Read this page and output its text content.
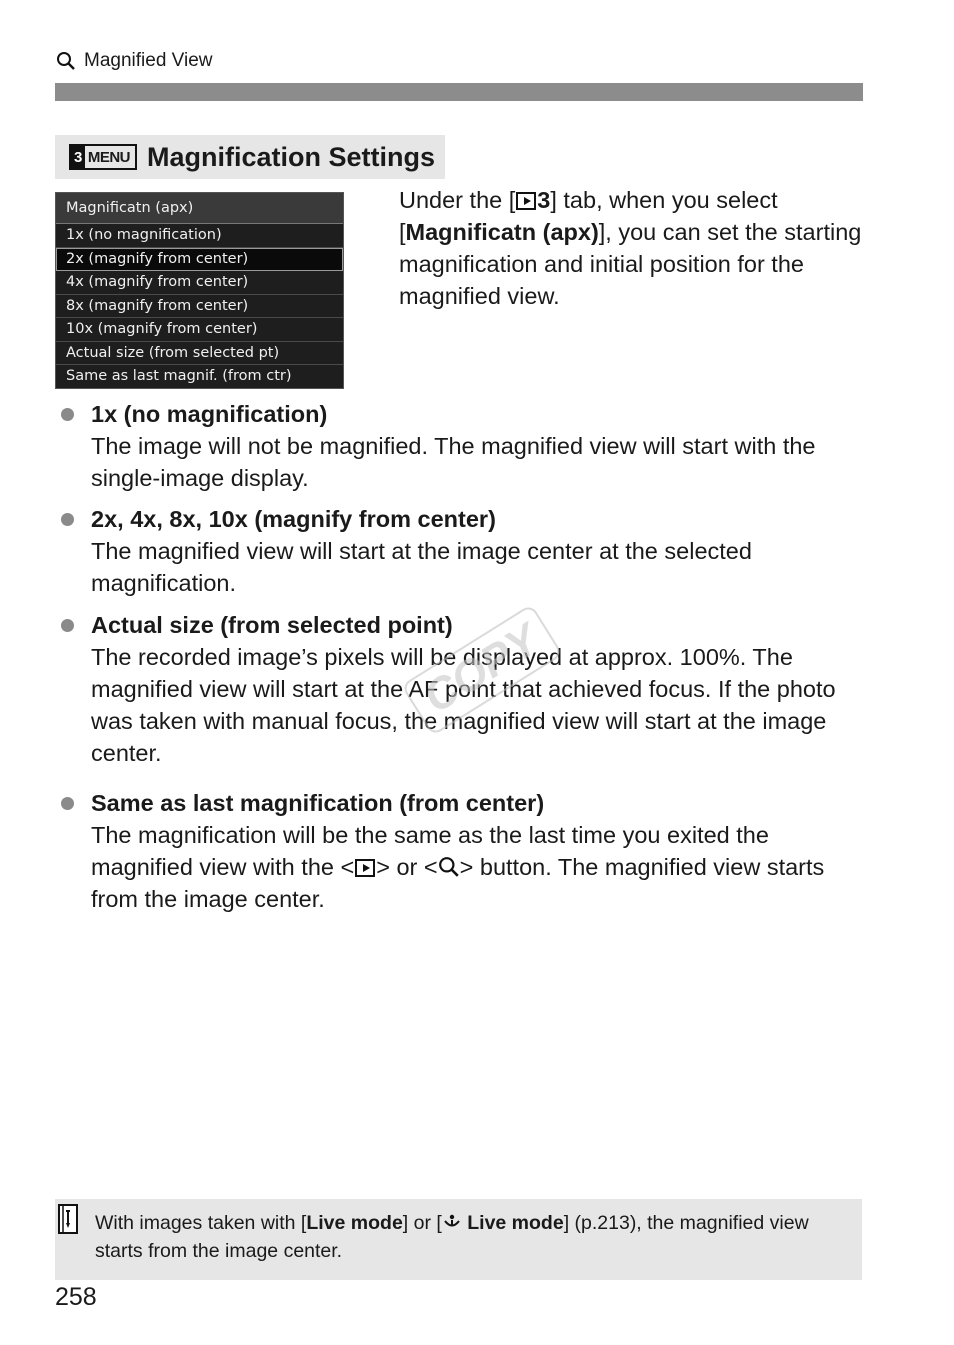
Magnified View
3 MENU Magnification Settings
Magnificatn (apx)
1x (no magnification)
2x (magnify from center)
4x (magnify from center)
8x (magnify from center)
10x (magnify from center)
Actual size (from selected pt)
Same as last magnif. (from ctr)
Under the [ 3] tab, when you select [Magnificatn (apx)], you can set the starting magnification and initial position for the magnified view.
1x (no magnification)
The image will not be magnified. The magnified view will start with the single-image display.
2x, 4x, 8x, 10x (magnify from center)
The magnified view will start at the image center at the selected magnification.
Actual size (from selected point)
The recorded image’s pixels will be displayed at approx. 100%. The magnified view will start at the AF point that achieved focus. If the photo was taken with manual focus, the magnified view will start at the image center.
Same as last magnification (from center)
The magnification will be the same as the last time you exited the magnified view with the < > or < > button. The magnified view starts from the image center.
COPY
With images taken with [Live mode] or [ Live mode] (p.213), the magnified view starts from the image center.
258
